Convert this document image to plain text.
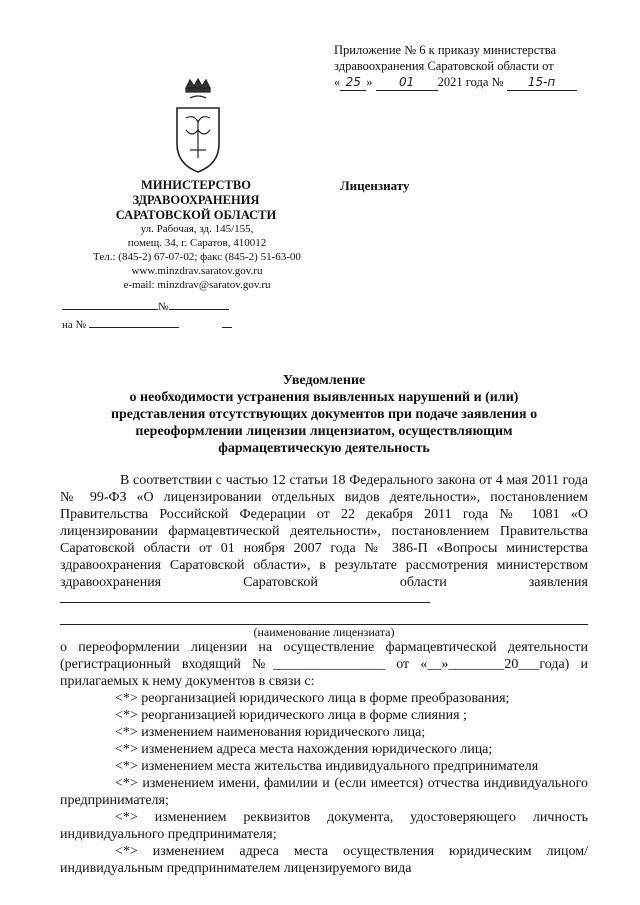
Приложение № 6 к приказу министерства
здравоохранения Саратовской области от
« 25 » 01 2021 года № 15-п
МИНИСТЕРСТВО
ЗДРАВООХРАНЕНИЯ
САРАТОВСКОЙ ОБЛАСТИ
ул. Рабочая, зд. 145/155,
помещ. 34, г. Саратов, 410012
Тел.: (845-2) 67-07-02; факс (845-2) 51-63-00
www.minzdrav.saratov.gov.ru
e-mail: minzdrav@saratov.gov.ru
№
на №
Лицензиату
Уведомление
о необходимости устранения выявленных нарушений и (или)
представления отсутствующих документов при подаче заявления о
переоформлении лицензии лицензиатом, осуществляющим
фармацевтическую деятельность

В соответствии с частью 12 статьи 18 Федерального закона от 4 мая 2011 года № 99-ФЗ «О лицензировании отдельных видов деятельности», постановлением Правительства Российской Федерации от 22 декабря 2011 года № 1081 «О лицензировании фармацевтической деятельности», постановлением Правительства Саратовской области от 01 ноября 2007 года № 386-П «Вопросы министерства здравоохранения Саратовской области», в результате рассмотрения министерством здравоохранения Саратовской области заявления

(наименование лицензиата)

о переоформлении лицензии на осуществление фармацевтической деятельности (регистрационный входящий №________________ от «__»________20___года) и прилагаемых к нему документов в связи с:

<*> реорганизацией юридического лица в форме преобразования;

<*> реорганизацией юридического лица в форме слияния ;

<*> изменением наименования юридического лица;

<*> изменением адреса места нахождения юридического лица;

<*> изменением места жительства индивидуального предпринимателя

<*> изменением имени, фамилии и (если имеется) отчества индивидуального предпринимателя;

<*> изменением реквизитов документа, удостоверяющего личность индивидуального предпринимателя;

<*> изменением адреса места осуществления юридическим лицом/индивидуальным предпринимателем лицензируемого вида
